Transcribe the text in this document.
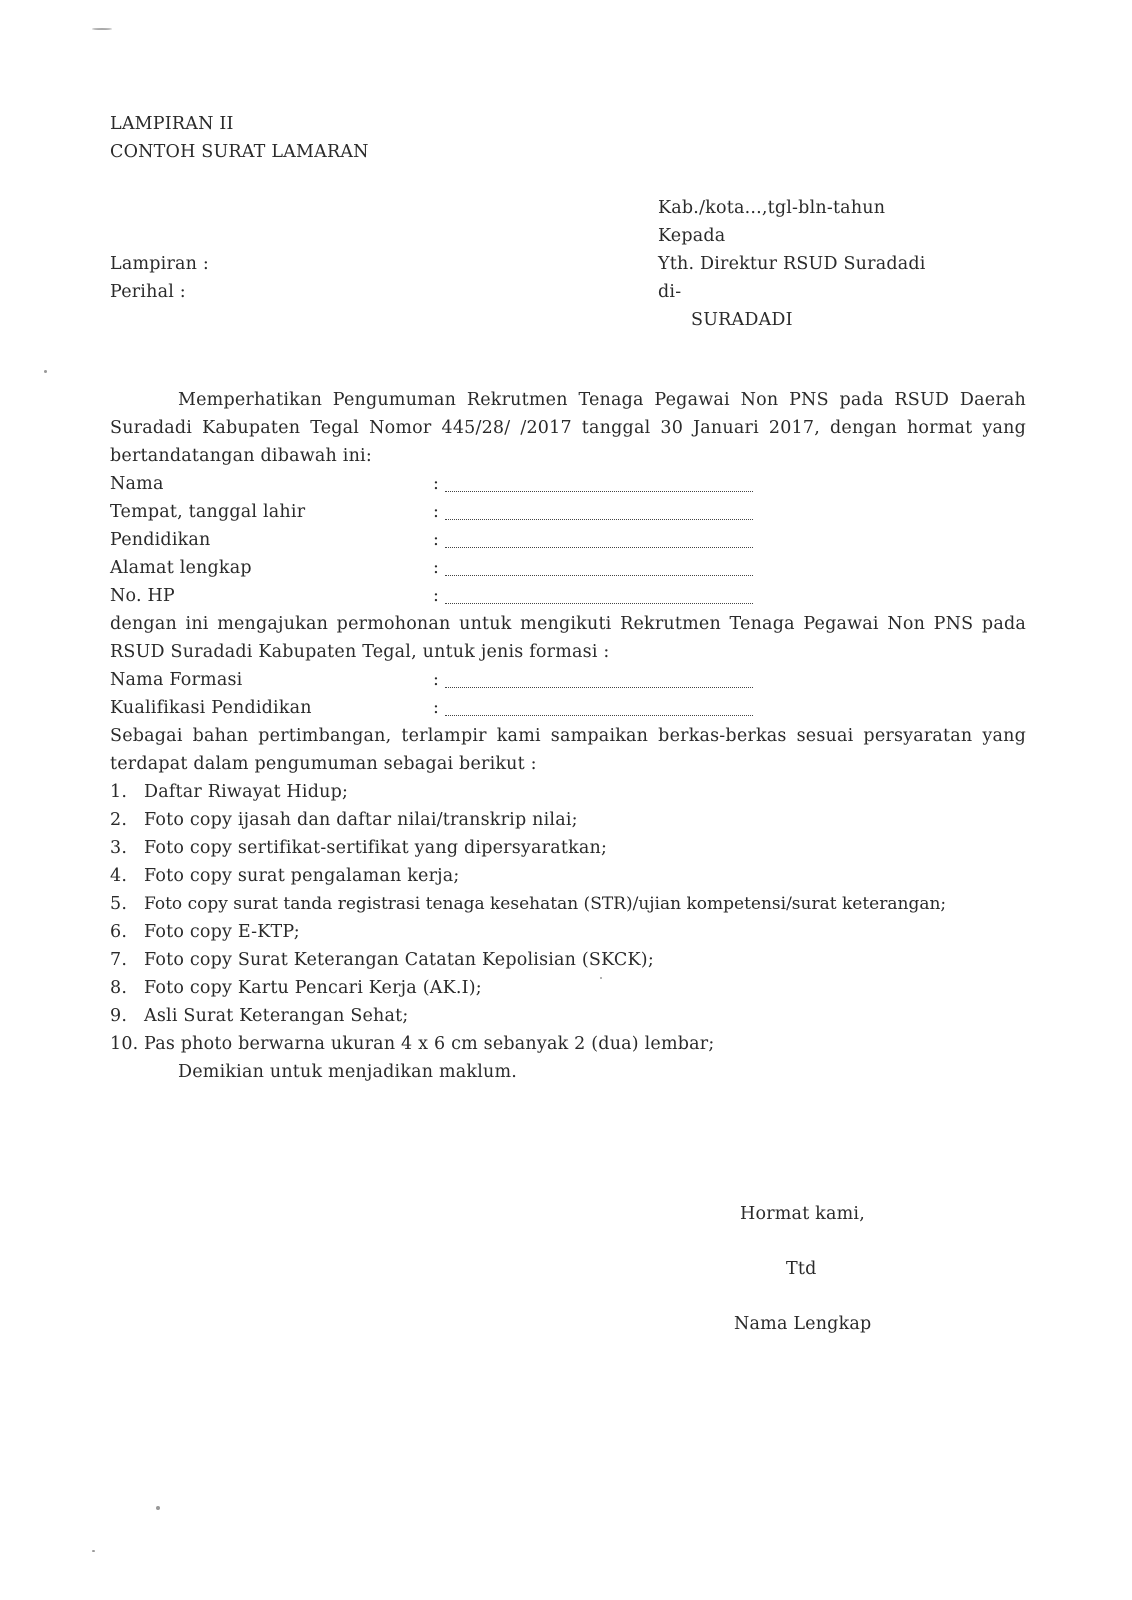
LAMPIRAN II
CONTOH SURAT LAMARAN
Kab./kota...,tgl-bln-tahun
Kepada
Yth. Direktur RSUD Suradadi
di-
SURADADI
Lampiran :
Perihal :
Memperhatikan Pengumuman Rekrutmen Tenaga Pegawai Non PNS pada RSUD Daerah
Suradadi Kabupaten Tegal Nomor 445/28/ /2017 tanggal 30 Januari 2017, dengan hormat yang
bertandatangan dibawah ini:
Nama	:
Tempat, tanggal lahir	:
Pendidikan	:
Alamat lengkap	:
No. HP	:
dengan ini mengajukan permohonan untuk mengikuti Rekrutmen Tenaga Pegawai Non PNS pada
RSUD Suradadi Kabupaten Tegal, untuk jenis formasi :
Nama Formasi	:
Kualifikasi Pendidikan	:
Sebagai bahan pertimbangan, terlampir kami sampaikan berkas-berkas sesuai persyaratan yang
terdapat dalam pengumuman sebagai berikut :
1. Daftar Riwayat Hidup;
2. Foto copy ijasah dan daftar nilai/transkrip nilai;
3. Foto copy sertifikat-sertifikat yang dipersyaratkan;
4. Foto copy surat pengalaman kerja;
5. Foto copy surat tanda registrasi tenaga kesehatan (STR)/ujian kompetensi/surat keterangan;
6. Foto copy E-KTP;
7. Foto copy Surat Keterangan Catatan Kepolisian (SKCK);
8. Foto copy Kartu Pencari Kerja (AK.I);
9. Asli Surat Keterangan Sehat;
10. Pas photo berwarna ukuran 4 x 6 cm sebanyak 2 (dua) lembar;
Demikian untuk menjadikan maklum.
Hormat kami,
Ttd
Nama Lengkap
